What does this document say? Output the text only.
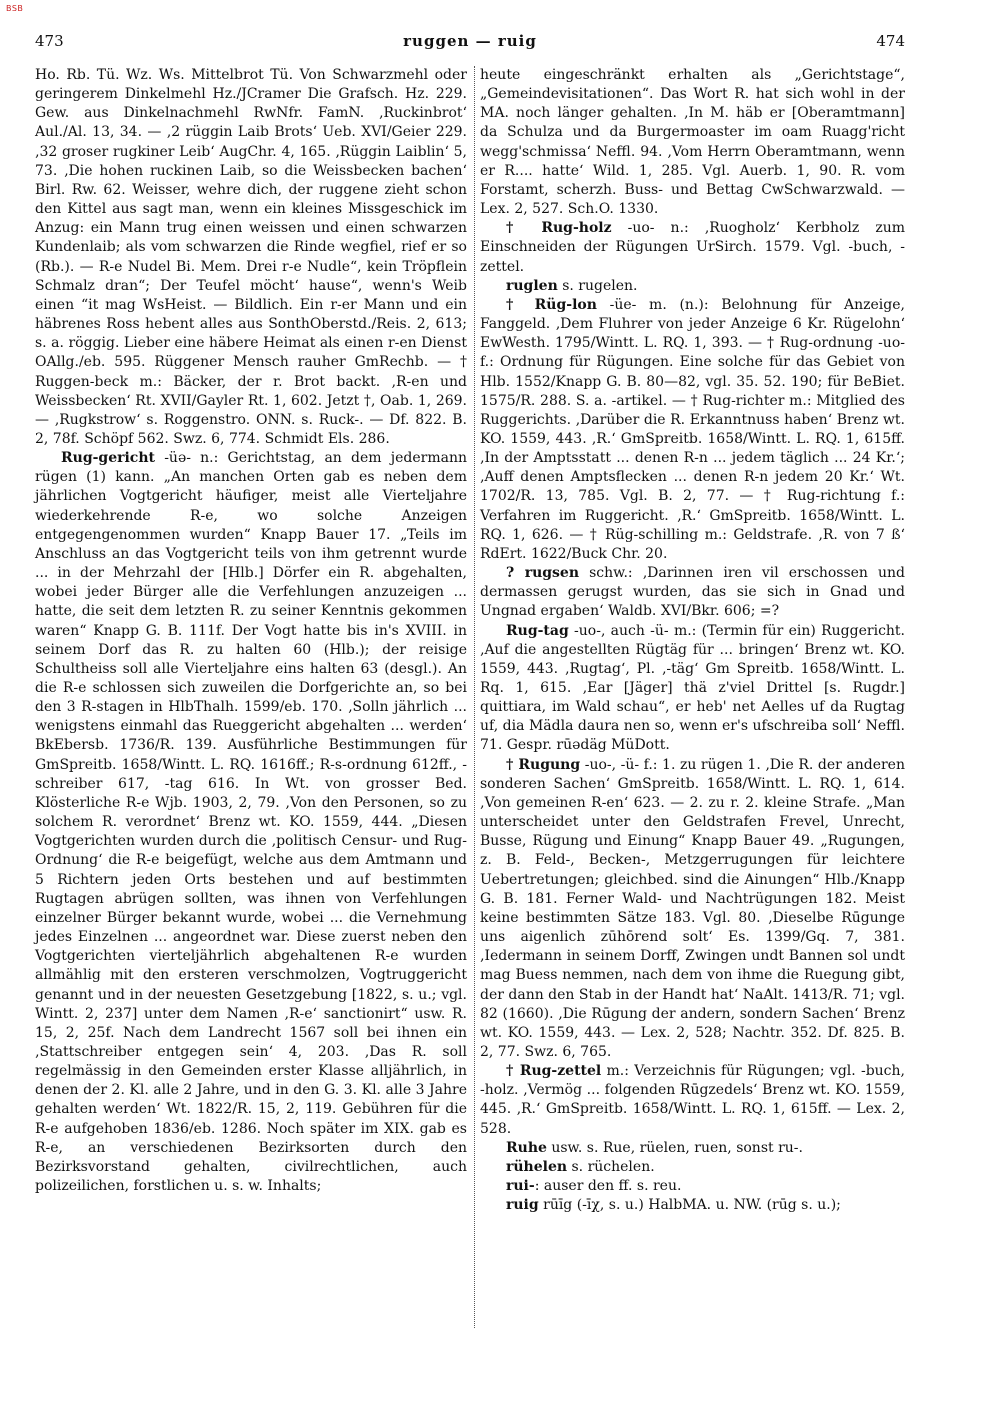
BSB
473	ruggen — ruig	474

Ho. Rb. Tü. Wz. Ws. Mittelbrot Tü. Von Schwarzmehl oder geringerem Dinkelmehl Hz./JCramer Die Grafsch. Hz. 229. Gew. aus Dinkelnachmehl RwNfr. FamN. ‚Ruckinbrot‘ Aul./Al. 13, 34. — ‚2 rüggin Laib Brots‘ Ueb. XVI/Geier 229. ‚32 groser rugkiner Leib‘ AugChr. 4, 165. ‚Rüggin Laiblin‘ 5, 73. ‚Die hohen ruckinen Laib, so die Weissbecken bachen‘ Birl. Rw. 62. Weisser, wehre dich, der ruggene zieht schon den Kittel aus sagt man, wenn ein kleines Missgeschick im Anzug: ein Mann trug einen weissen und einen schwarzen Kundenlaib; als vom schwarzen die Rinde wegfiel, rief er so (Rb.). — R-e Nudel Bi. Mem. Drei r-e Nudle“, kein Tröpflein Schmalz dran“; Der Teufel möcht‘ hause“, wenn's Weib einen “it mag WsHeist. — Bildlich. Ein r-er Mann und ein häbrenes Ross hebent alles aus SonthOberstd./Reis. 2, 613; s. a. röggig. Lieber eine häbere Heimat als einen r-en Dienst OAllg./eb. 595. Rüggener Mensch rauher GmRechb. — † Ruggen-beck m.: Bäcker, der r. Brot backt. ‚R-en und Weissbecken‘ Rt. XVII/Gayler Rt. 1, 602. Jetzt †, Oab. 1, 269. — ‚Rugkstrow‘ s. Roggenstro. ONN. s. Ruck-. — Df. 822. B. 2, 78f. Schöpf 562. Swz. 6, 774. Schmidt Els. 286.

Rug-gericht -üə- n.: Gerichtstag, an dem jedermann rügen (1) kann. „An manchen Orten gab es neben dem jährlichen Vogtgericht häufiger, meist alle Vierteljahre wiederkehrende R-e, wo solche Anzeigen entgegengenommen wurden“ Knapp Bauer 17. „Teils im Anschluss an das Vogtgericht teils von ihm getrennt wurde ... in der Mehrzahl der [Hlb.] Dörfer ein R. abgehalten, wobei jeder Bürger alle die Verfehlungen anzuzeigen ... hatte, die seit dem letzten R. zu seiner Kenntnis gekommen waren“ Knapp G. B. 111f. Der Vogt hatte bis in's XVIII. in seinem Dorf das R. zu halten 60 (Hlb.); der reisige Schultheiss soll alle Vierteljahre eins halten 63 (desgl.). An die R-e schlossen sich zuweilen die Dorfgerichte an, so bei den 3 R-stagen in HlbThalh. 1599/eb. 170. ‚Solln jährlich ... wenigstens einmahl das Rueggericht abgehalten ... werden‘ BkEbersb. 1736/R. 139. Ausführliche Bestimmungen für GmSpreitb. 1658/Wintt. L. RQ. 1616ff.; R-s-ordnung 612ff., -schreiber 617, -tag 616. In Wt. von grosser Bed. Klösterliche R-e Wjb. 1903, 2, 79. ‚Von den Personen, so zu solchem R. verordnet‘ Brenz wt. KO. 1559, 444. „Diesen Vogtgerichten wurden durch die ‚politisch Censur- und Rug-Ordnung‘ die R-e beigefügt, welche aus dem Amtmann und 5 Richtern jeden Orts bestehen und auf bestimmten Rugtagen abrügen sollten, was ihnen von Verfehlungen einzelner Bürger bekannt wurde, wobei ... die Vernehmung jedes Einzelnen ... angeordnet war. Diese zuerst neben den Vogtgerichten vierteljährlich abgehaltenen R-e wurden allmählig mit den ersteren verschmolzen, Vogtruggericht genannt und in der neuesten Gesetzgebung [1822, s. u.; vgl. Wintt. 2, 237] unter dem Namen ‚R-e‘ sanctionirt“ usw. R. 15, 2, 25f. Nach dem Landrecht 1567 soll bei ihnen ein ‚Stattschreiber entgegen sein‘ 4, 203. ‚Das R. soll regelmässig in den Gemeinden erster Klasse alljährlich, in denen der 2. Kl. alle 2 Jahre, und in den G. 3. Kl. alle 3 Jahre gehalten werden‘ Wt. 1822/R. 15, 2, 119. Gebühren für die R-e aufgehoben 1836/eb. 1286. Noch später im XIX. gab es R-e, an verschiedenen Bezirksorten durch den Bezirksvorstand gehalten, civilrechtlichen, auch polizeilichen, forstlichen u. s. w. Inhalts;

heute eingeschränkt erhalten als „Gerichtstage“, „Gemeindevisitationen“. Das Wort R. hat sich wohl in der MA. noch länger gehalten. ‚In M. häb er [Oberamtmann] da Schulza und da Burgermoaster im oam Ruagg'richt wegg'schmissa‘ Neffl. 94. ‚Vom Herrn Oberamtmann, wenn er R.... hatte‘ Wild. 1, 285. Vgl. Auerb. 1, 90. R. vom Forstamt, scherzh. Buss- und Bettag CwSchwarzwald. — Lex. 2, 527. Sch.O. 1330.

† Rug-holz -uo- n.: ‚Ruogholz‘ Kerbholz zum Einschneiden der Rügungen UrSirch. 1579. Vgl. -buch, -zettel.

ruglen s. rugelen.

† Rüg-lon -üe- m. (n.): Belohnung für Anzeige, Fanggeld. ‚Dem Fluhrer von jeder Anzeige 6 Kr. Rügelohn‘ EwWesth. 1795/Wintt. L. RQ. 1, 393. — † Rug-ordnung -uo- f.: Ordnung für Rügungen. Eine solche für das Gebiet von Hlb. 1552/Knapp G. B. 80—82, vgl. 35. 52. 190; für BeBiet. 1575/R. 288. S. a. -artikel. — † Rug-richter m.: Mitglied des Ruggerichts. ‚Darüber die R. Erkanntnuss haben‘ Brenz wt. KO. 1559, 443. ‚R.‘ GmSpreitb. 1658/Wintt. L. RQ. 1, 615ff. ‚In der Amptsstatt ... denen R-n ... jedem täglich ... 24 Kr.‘; ‚Auff denen Amptsflecken ... denen R-n jedem 20 Kr.‘ Wt. 1702/R. 13, 785. Vgl. B. 2, 77. — † Rug-richtung f.: Verfahren im Ruggericht. ‚R.‘ GmSpreitb. 1658/Wintt. L. RQ. 1, 626. — † Rüg-schilling m.: Geldstrafe. ‚R. von 7 ß‘ RdErt. 1622/Buck Chr. 20.

? rugsen schw.: ‚Darinnen iren vil erschossen und dermassen gerugst wurden, das sie sich in Gnad und Ungnad ergaben‘ Waldb. XVI/Bkr. 606; =?

Rug-tag -uo-, auch -ü- m.: (Termin für ein) Ruggericht. ‚Auf die angestellten Rügtäg für ... bringen‘ Brenz wt. KO. 1559, 443. ‚Rugtag‘, Pl. ‚-täg‘ Gm Spreitb. 1658/Wintt. L. Rq. 1, 615. ‚Ear [Jäger] thä z'viel Drittel [s. Rugdr.] quittiara, im Wald schau“, er heb' net Aelles uf da Rugtag uf, dia Mädla daura nen so, wenn er's ufschreiba soll‘ Neffl. 71. Gespr. rūədäg MüDott.

† Rugung -uo-, -ü- f.: 1. zu rügen 1. ‚Die R. der anderen sonderen Sachen‘ GmSpreitb. 1658/Wintt. L. RQ. 1, 614. ‚Von gemeinen R-en‘ 623. — 2. zu r. 2. kleine Strafe. „Man unterscheidet unter den Geldstrafen Frevel, Unrecht, Busse, Rügung und Einung“ Knapp Bauer 49. „Rugungen, z. B. Feld-, Becken-, Metzgerrugungen für leichtere Uebertretungen; gleichbed. sind die Ainungen“ Hlb./Knapp G. B. 181. Ferner Wald- und Nachtrügungen 182. Meist keine bestimmten Sätze 183. Vgl. 80. ‚Dieselbe Rūgunge uns aigenlich zūhōrend solt‘ Es. 1399/Gq. 7, 381. ‚Iedermann in seinem Dorff, Zwingen undt Bannen sol undt mag Buess nemmen, nach dem von ihme die Ruegung gibt, der dann den Stab in der Handt hat‘ NaAlt. 1413/R. 71; vgl. 82 (1660). ‚Die Rūgung der andern, sondern Sachen‘ Brenz wt. KO. 1559, 443. — Lex. 2, 528; Nachtr. 352. Df. 825. B. 2, 77. Swz. 6, 765.

† Rug-zettel m.: Verzeichnis für Rügungen; vgl. -buch, -holz. ‚Vermög ... folgenden Rūgzedels‘ Brenz wt. KO. 1559, 445. ‚R.‘ GmSpreitb. 1658/Wintt. L. RQ. 1, 615ff. — Lex. 2, 528.

Ruhe usw. s. Rue, rüelen, ruen, sonst ru-.

rühelen s. rüchelen.

rui-: auser den ff. s. reu.

ruig rūīg (-īχ, s. u.) HalbMA. u. NW. (rūg s. u.);
